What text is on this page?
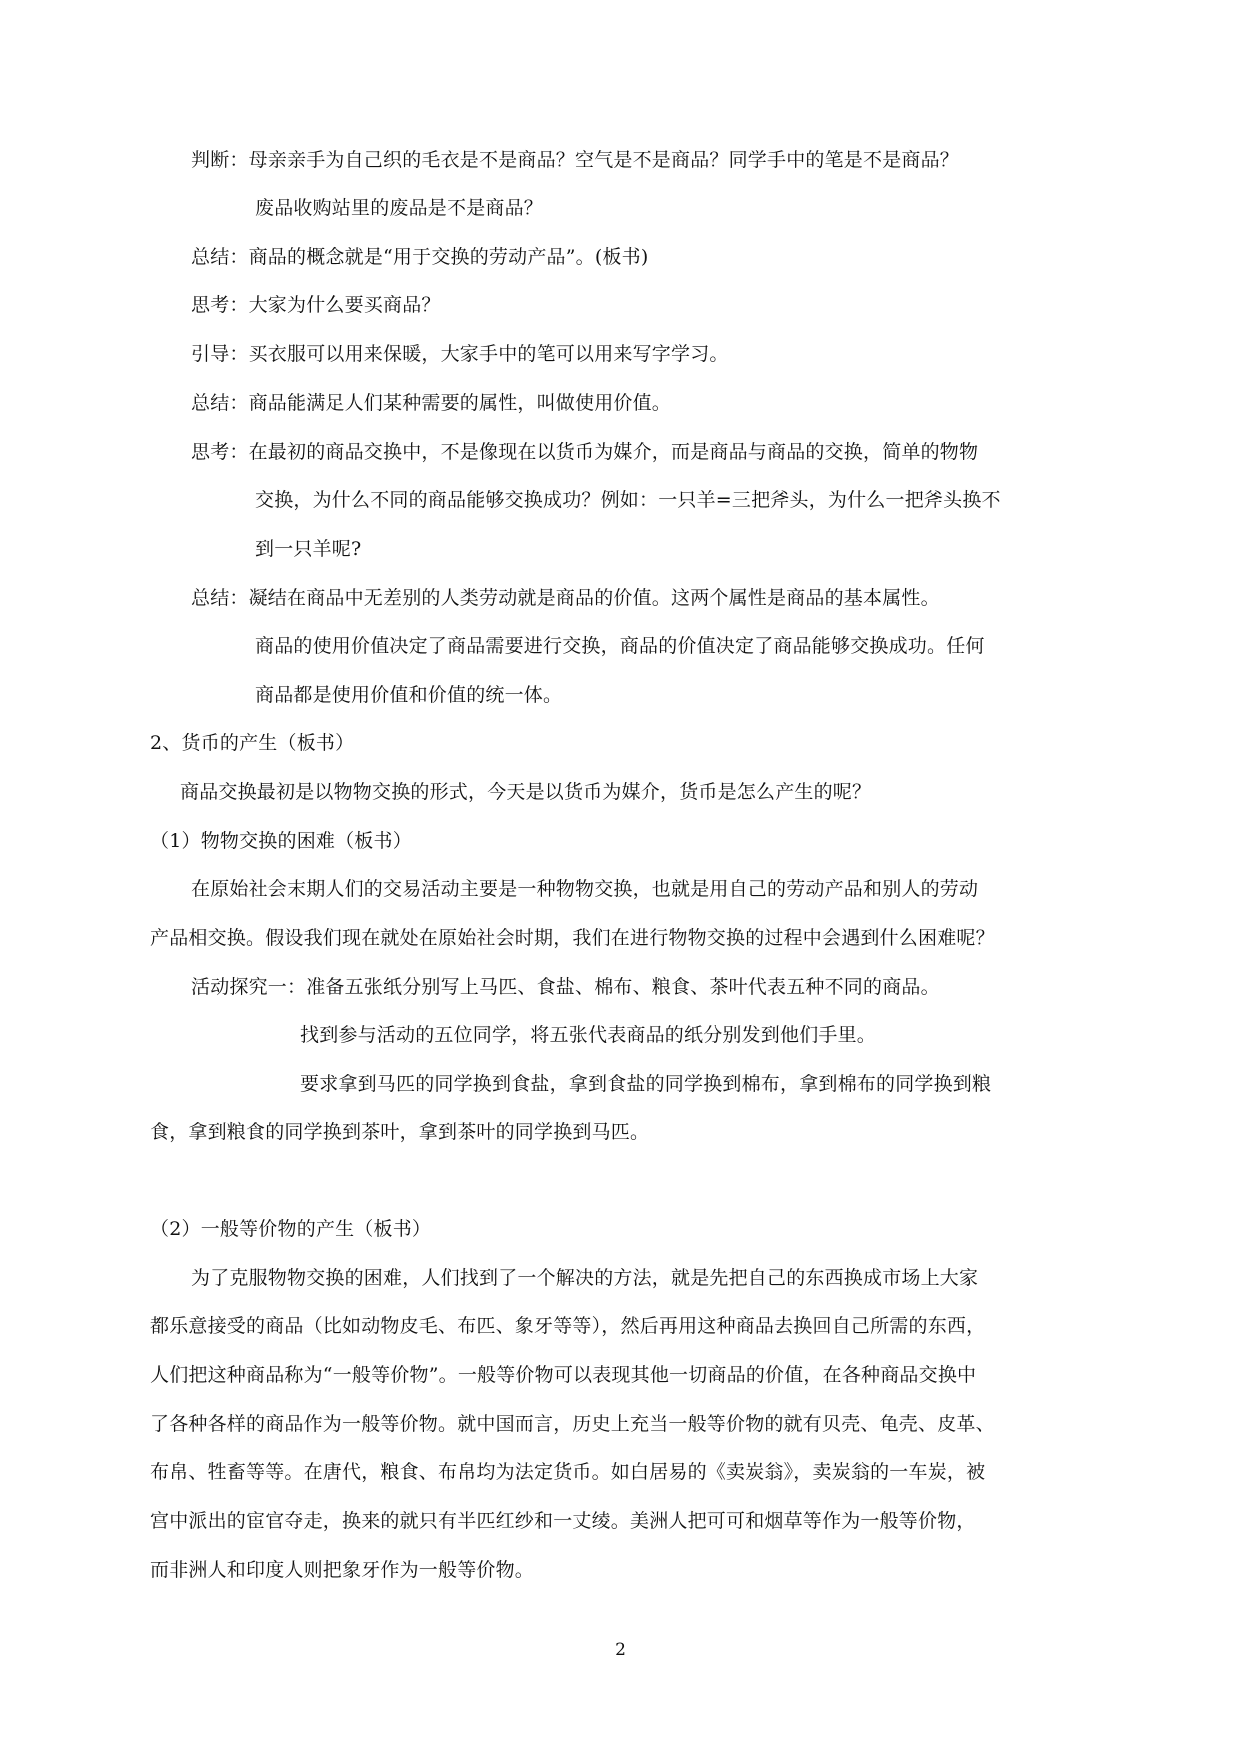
判断：母亲亲手为自己织的毛衣是不是商品？空气是不是商品？同学手中的笔是不是商品？
废品收购站里的废品是不是商品？
总结：商品的概念就是“用于交换的劳动产品”。(板书)
思考：大家为什么要买商品？
引导：买衣服可以用来保暖，大家手中的笔可以用来写字学习。
总结：商品能满足人们某种需要的属性，叫做使用价值。
思考：在最初的商品交换中，不是像现在以货币为媒介，而是商品与商品的交换，简单的物物
交换，为什么不同的商品能够交换成功？例如：一只羊=三把斧头，为什么一把斧头换不
到一只羊呢?
总结：凝结在商品中无差别的人类劳动就是商品的价值。这两个属性是商品的基本属性。
商品的使用价值决定了商品需要进行交换，商品的价值决定了商品能够交换成功。任何
商品都是使用价值和价值的统一体。
2、货币的产生（板书）
商品交换最初是以物物交换的形式，今天是以货币为媒介，货币是怎么产生的呢？
（1）物物交换的困难（板书）
在原始社会末期人们的交易活动主要是一种物物交换，也就是用自己的劳动产品和别人的劳动
产品相交换。假设我们现在就处在原始社会时期，我们在进行物物交换的过程中会遇到什么困难呢？
活动探究一：准备五张纸分别写上马匹、食盐、棉布、粮食、茶叶代表五种不同的商品。
找到参与活动的五位同学，将五张代表商品的纸分别发到他们手里。
要求拿到马匹的同学换到食盐，拿到食盐的同学换到棉布，拿到棉布的同学换到粮
食，拿到粮食的同学换到茶叶，拿到茶叶的同学换到马匹。
（2）一般等价物的产生（板书）
为了克服物物交换的困难，人们找到了一个解决的方法，就是先把自己的东西换成市场上大家
都乐意接受的商品（比如动物皮毛、布匹、象牙等等），然后再用这种商品去换回自己所需的东西，
人们把这种商品称为“一般等价物”。一般等价物可以表现其他一切商品的价值，在各种商品交换中
了各种各样的商品作为一般等价物。就中国而言，历史上充当一般等价物的就有贝壳、龟壳、皮革、
布帛、牲畜等等。在唐代，粮食、布帛均为法定货币。如白居易的《卖炭翁》，卖炭翁的一车炭，被
宫中派出的宦官夺走，换来的就只有半匹红纱和一丈绫。美洲人把可可和烟草等作为一般等价物，
而非洲人和印度人则把象牙作为一般等价物。
2
